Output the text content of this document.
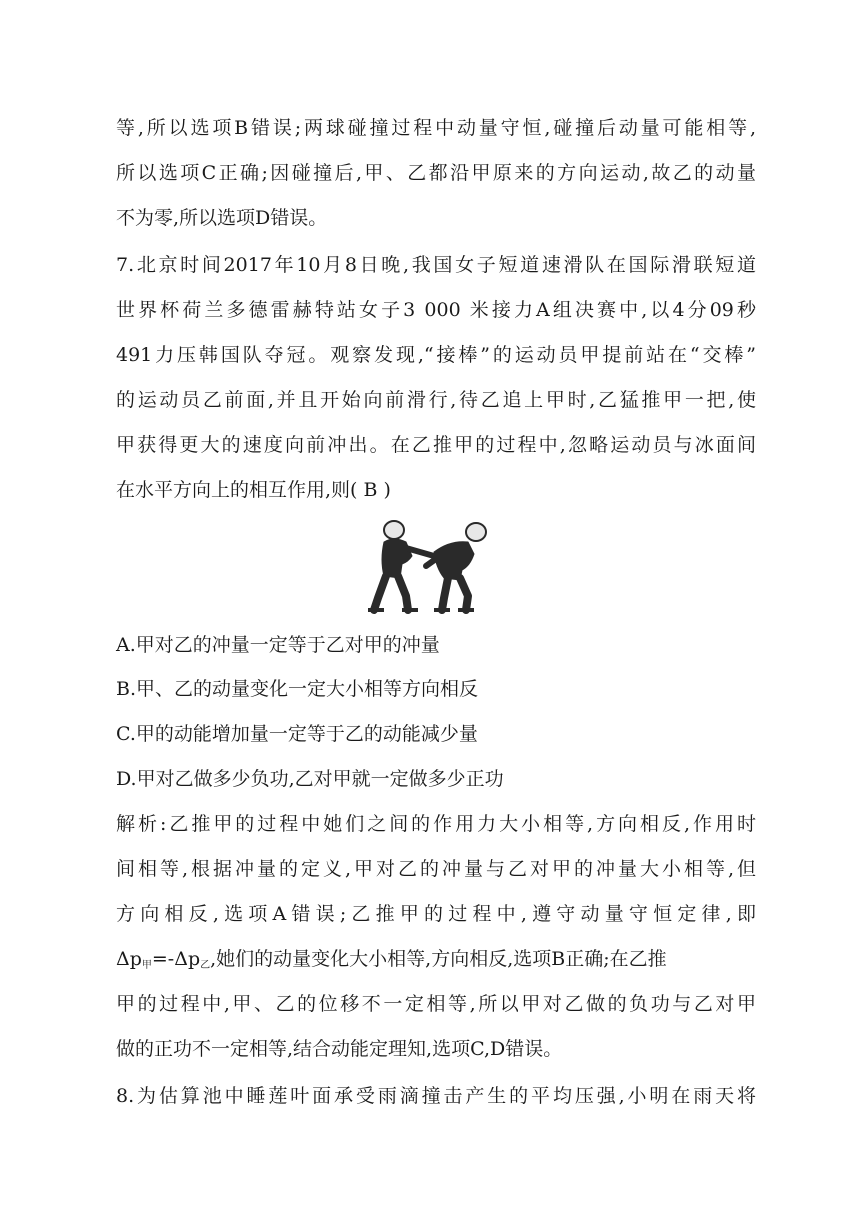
等,所以选项B错误;两球碰撞过程中动量守恒,碰撞后动量可能相等,
所以选项C正确;因碰撞后,甲、乙都沿甲原来的方向运动,故乙的动量
不为零,所以选项D错误。
7.北京时间2017年10月8日晚,我国女子短道速滑队在国际滑联短道
世界杯荷兰多德雷赫特站女子3 000 米接力A组决赛中,以4分09秒
491力压韩国队夺冠。观察发现,“接棒”的运动员甲提前站在“交棒”
的运动员乙前面,并且开始向前滑行,待乙追上甲时,乙猛推甲一把,使
甲获得更大的速度向前冲出。在乙推甲的过程中,忽略运动员与冰面间
在水平方向上的相互作用,则( B )
A.甲对乙的冲量一定等于乙对甲的冲量
B.甲、乙的动量变化一定大小相等方向相反
C.甲的动能增加量一定等于乙的动能减少量
D.甲对乙做多少负功,乙对甲就一定做多少正功
解析:乙推甲的过程中她们之间的作用力大小相等,方向相反,作用时
间相等,根据冲量的定义,甲对乙的冲量与乙对甲的冲量大小相等,但
方向相反,选项A错误;乙推甲的过程中,遵守动量守恒定律,即
$\Delta p_甲=-\Delta p_乙$,她们的动量变化大小相等,方向相反,选项B正确;在乙推
甲的过程中,甲、乙的位移不一定相等,所以甲对乙做的负功与乙对甲
做的正功不一定相等,结合动能定理知,选项C,D错误。
8.为估算池中睡莲叶面承受雨滴撞击产生的平均压强,小明在雨天将
